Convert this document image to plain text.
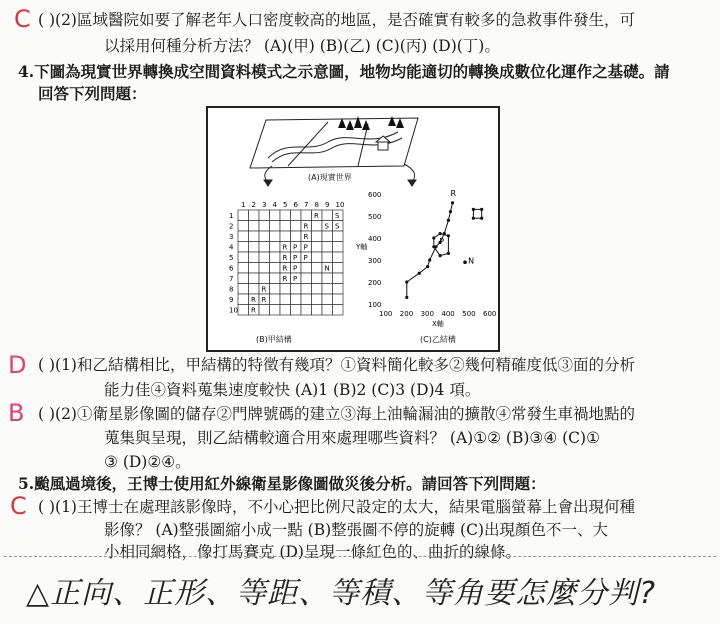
C ( )(2)區域醫院如要了解老年人口密度較高的地區，是否確實有較多的急救事件發生，可
以採用何種分析方法？ (A)(甲) (B)(乙) (C)(丙) (D)(丁)。
4.下圖為現實世界轉換成空間資料模式之示意圖，地物均能適切的轉換成數位化運作之基礎。請
回答下列問題：
(A)現實世界
1 2 3 4 5 6 7 8 9 10
1
2
3
4
5
6
7
8
9
10
R S
R S S
R
R P P
R P P
R P	N
R P
R
R R
R
(B)甲結構
600
500
400
300
200
100
100 200 300 400 500 600
Y軸
X軸
R
P
N
(C)乙結構
D ( )(1)和乙結構相比，甲結構的特徵有幾項？①資料簡化較多②幾何精確度低③面的分析
能力佳④資料蒐集速度較快 (A)1 (B)2 (C)3 (D)4 項。
B ( )(2)①衛星影像圖的儲存②門牌號碼的建立③海上油輪漏油的擴散④常發生車禍地點的
蒐集與呈現，則乙結構較適合用來處理哪些資料？ (A)①② (B)③④ (C)①
③ (D)②④。
5.颱風過境後，王博士使用紅外線衛星影像圖做災後分析。請回答下列問題：
C ( )(1)王博士在處理該影像時，不小心把比例尺設定的太大，結果電腦螢幕上會出現何種
影像？ (A)整張圖縮小成一點 (B)整張圖不停的旋轉 (C)出現顏色不一、大
小相同網格，像打馬賽克 (D)呈現一條紅色的、曲折的線條。
△正向、正形、等距、等積、等角要怎麼分判?
